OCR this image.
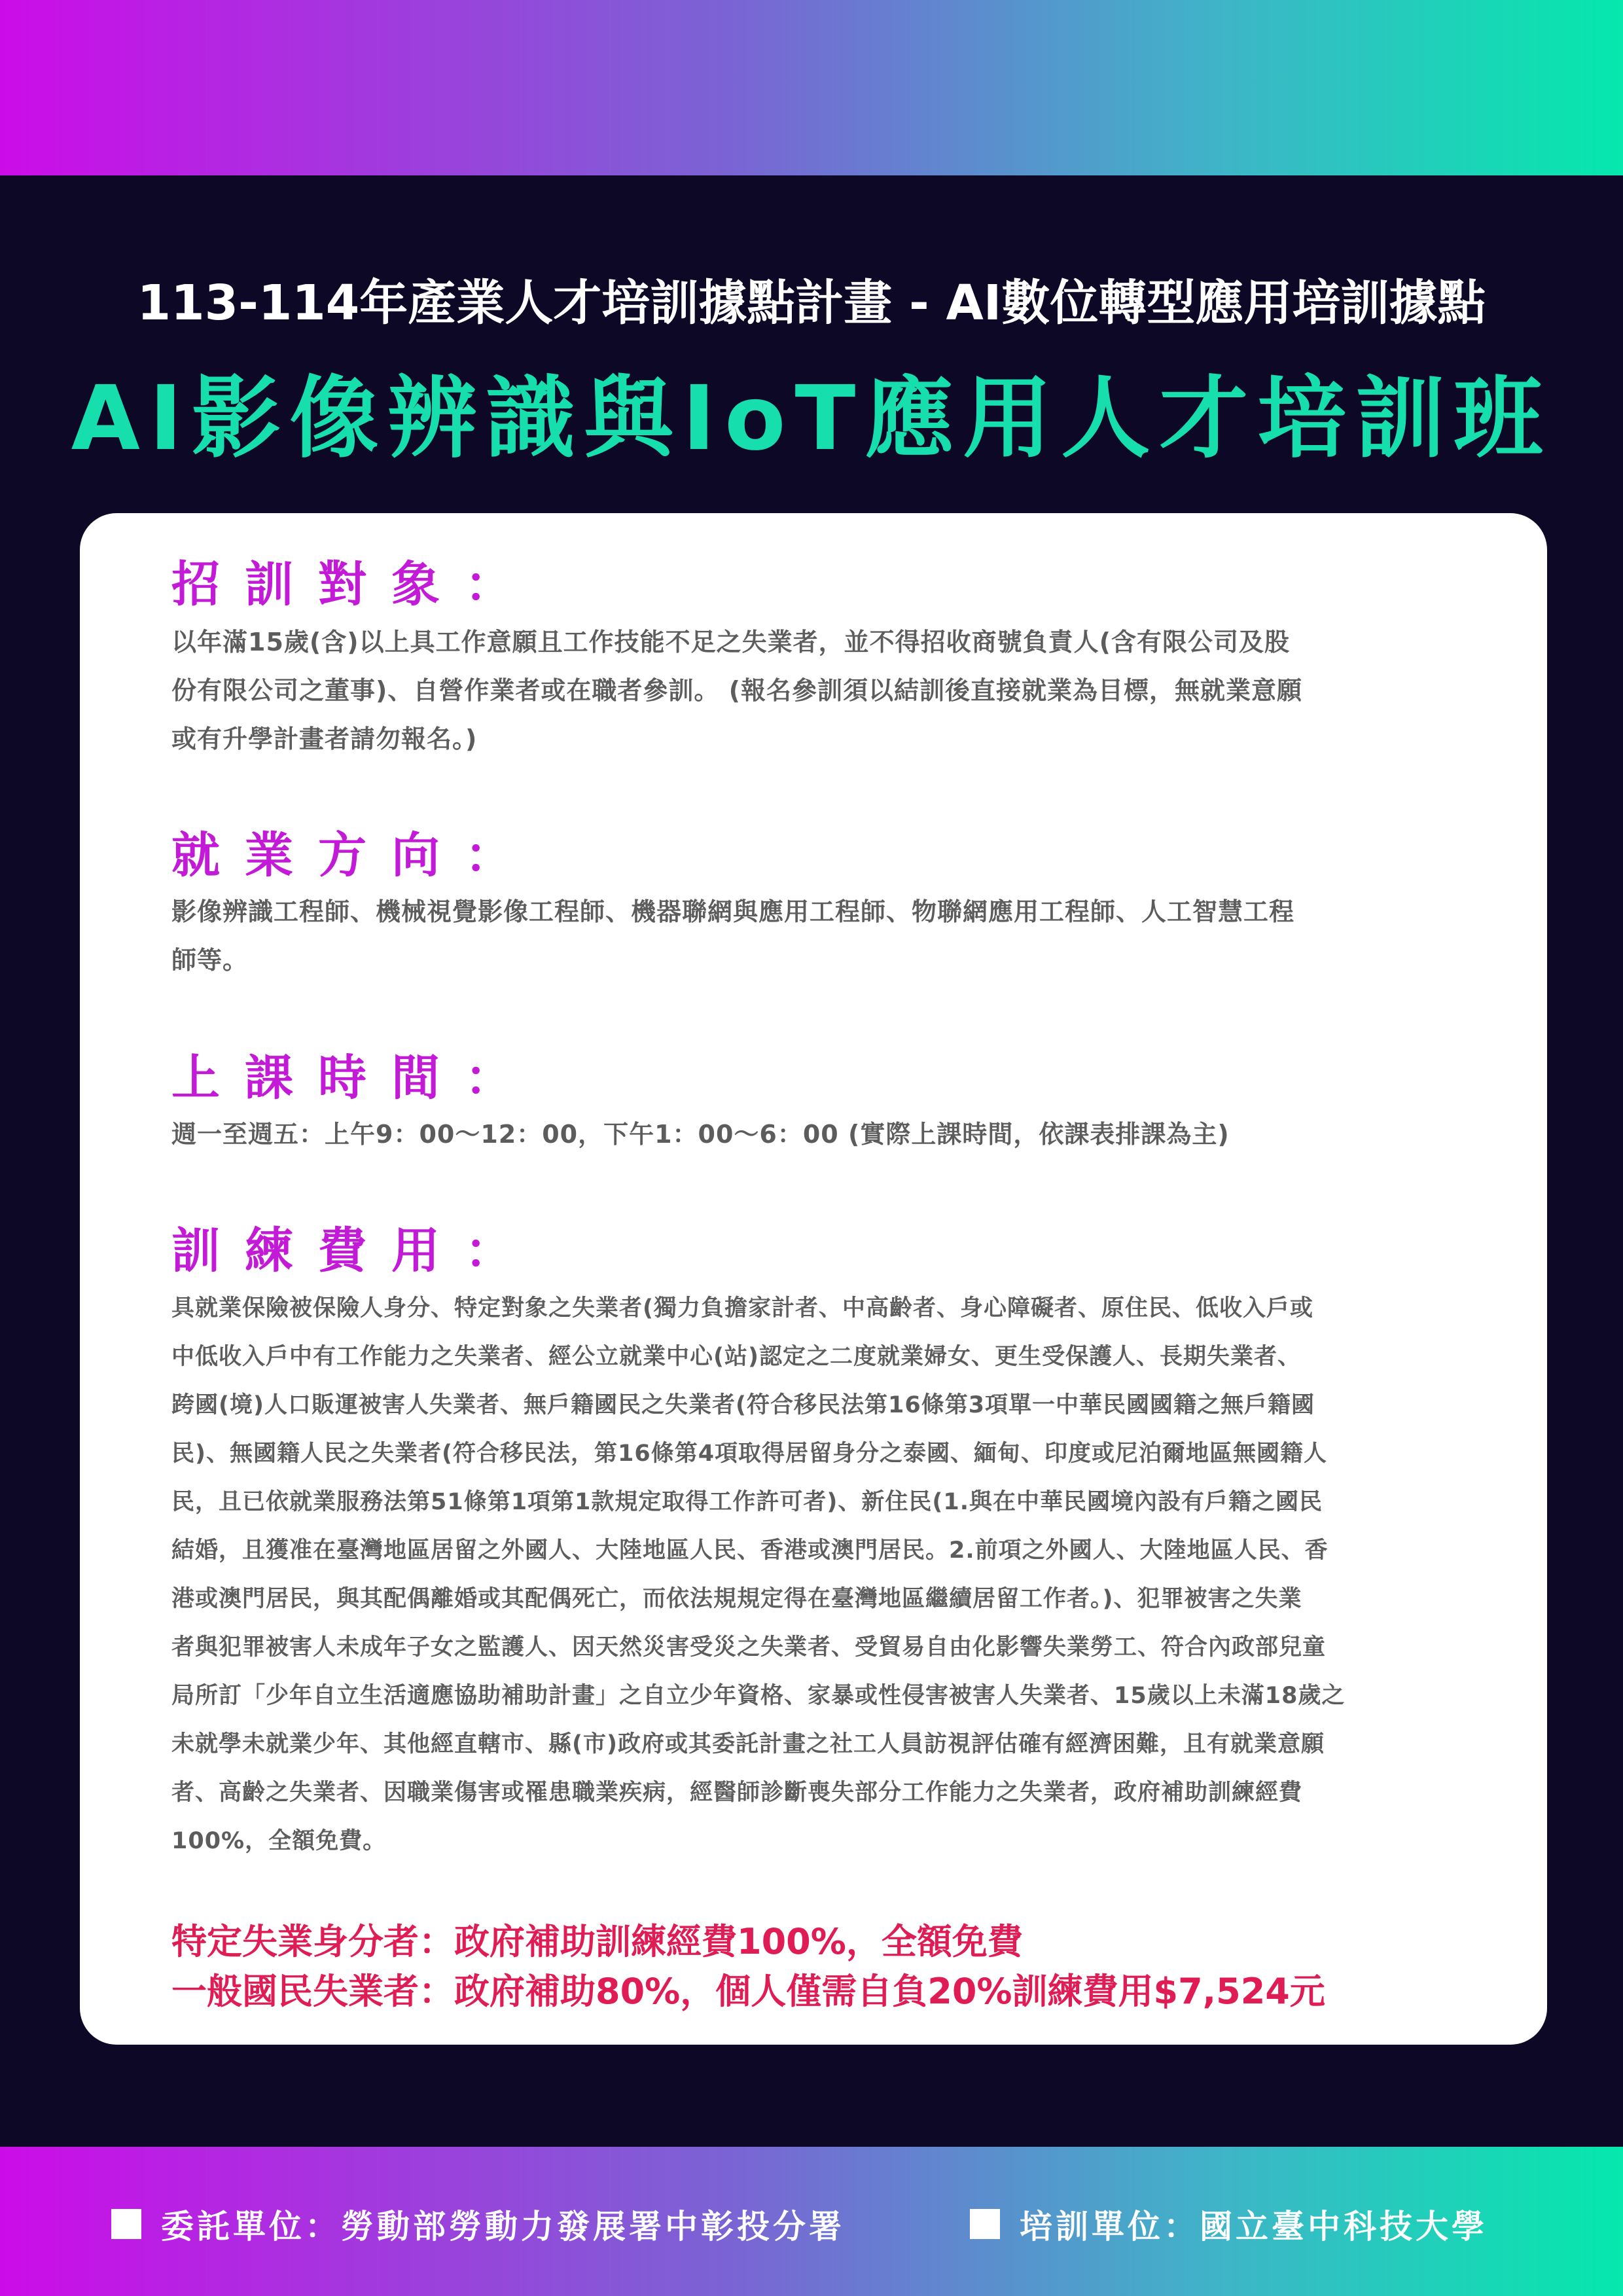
113-114年產業人才培訓據點計畫 - AI數位轉型應用培訓據點
AI影像辨識與IoT應用人才培訓班
招訓對象：
以年滿15歲(含)以上具工作意願且工作技能不足之失業者，並不得招收商號負責人(含有限公司及股
份有限公司之董事)、自營作業者或在職者參訓。 (報名參訓須以結訓後直接就業為目標，無就業意願
或有升學計畫者請勿報名。)
就業方向：
影像辨識工程師、機械視覺影像工程師、機器聯網與應用工程師、物聯網應用工程師、人工智慧工程
師等。
上課時間：
週一至週五：上午9：00～12：00，下午1：00～6：00 (實際上課時間，依課表排課為主)
訓練費用：
具就業保險被保險人身分、特定對象之失業者(獨力負擔家計者、中高齡者、身心障礙者、原住民、低收入戶或
中低收入戶中有工作能力之失業者、經公立就業中心(站)認定之二度就業婦女、更生受保護人、長期失業者、
跨國(境)人口販運被害人失業者、無戶籍國民之失業者(符合移民法第16條第3項單一中華民國國籍之無戶籍國
民)、無國籍人民之失業者(符合移民法，第16條第4項取得居留身分之泰國、緬甸、印度或尼泊爾地區無國籍人
民，且已依就業服務法第51條第1項第1款規定取得工作許可者)、新住民(1.與在中華民國境內設有戶籍之國民
結婚，且獲准在臺灣地區居留之外國人、大陸地區人民、香港或澳門居民。2.前項之外國人、大陸地區人民、香
港或澳門居民，與其配偶離婚或其配偶死亡，而依法規規定得在臺灣地區繼續居留工作者。)、犯罪被害之失業
者與犯罪被害人未成年子女之監護人、因天然災害受災之失業者、受貿易自由化影響失業勞工、符合內政部兒童
局所訂「少年自立生活適應協助補助計畫」之自立少年資格、家暴或性侵害被害人失業者、15歲以上未滿18歲之
未就學未就業少年、其他經直轄市、縣(市)政府或其委託計畫之社工人員訪視評估確有經濟困難，且有就業意願
者、高齡之失業者、因職業傷害或罹患職業疾病，經醫師診斷喪失部分工作能力之失業者，政府補助訓練經費
100%，全額免費。
特定失業身分者：政府補助訓練經費100%，全額免費
一般國民失業者：政府補助80%，個人僅需自負20%訓練費用$7,524元
委託單位：勞動部勞動力發展署中彰投分署	培訓單位：國立臺中科技大學
